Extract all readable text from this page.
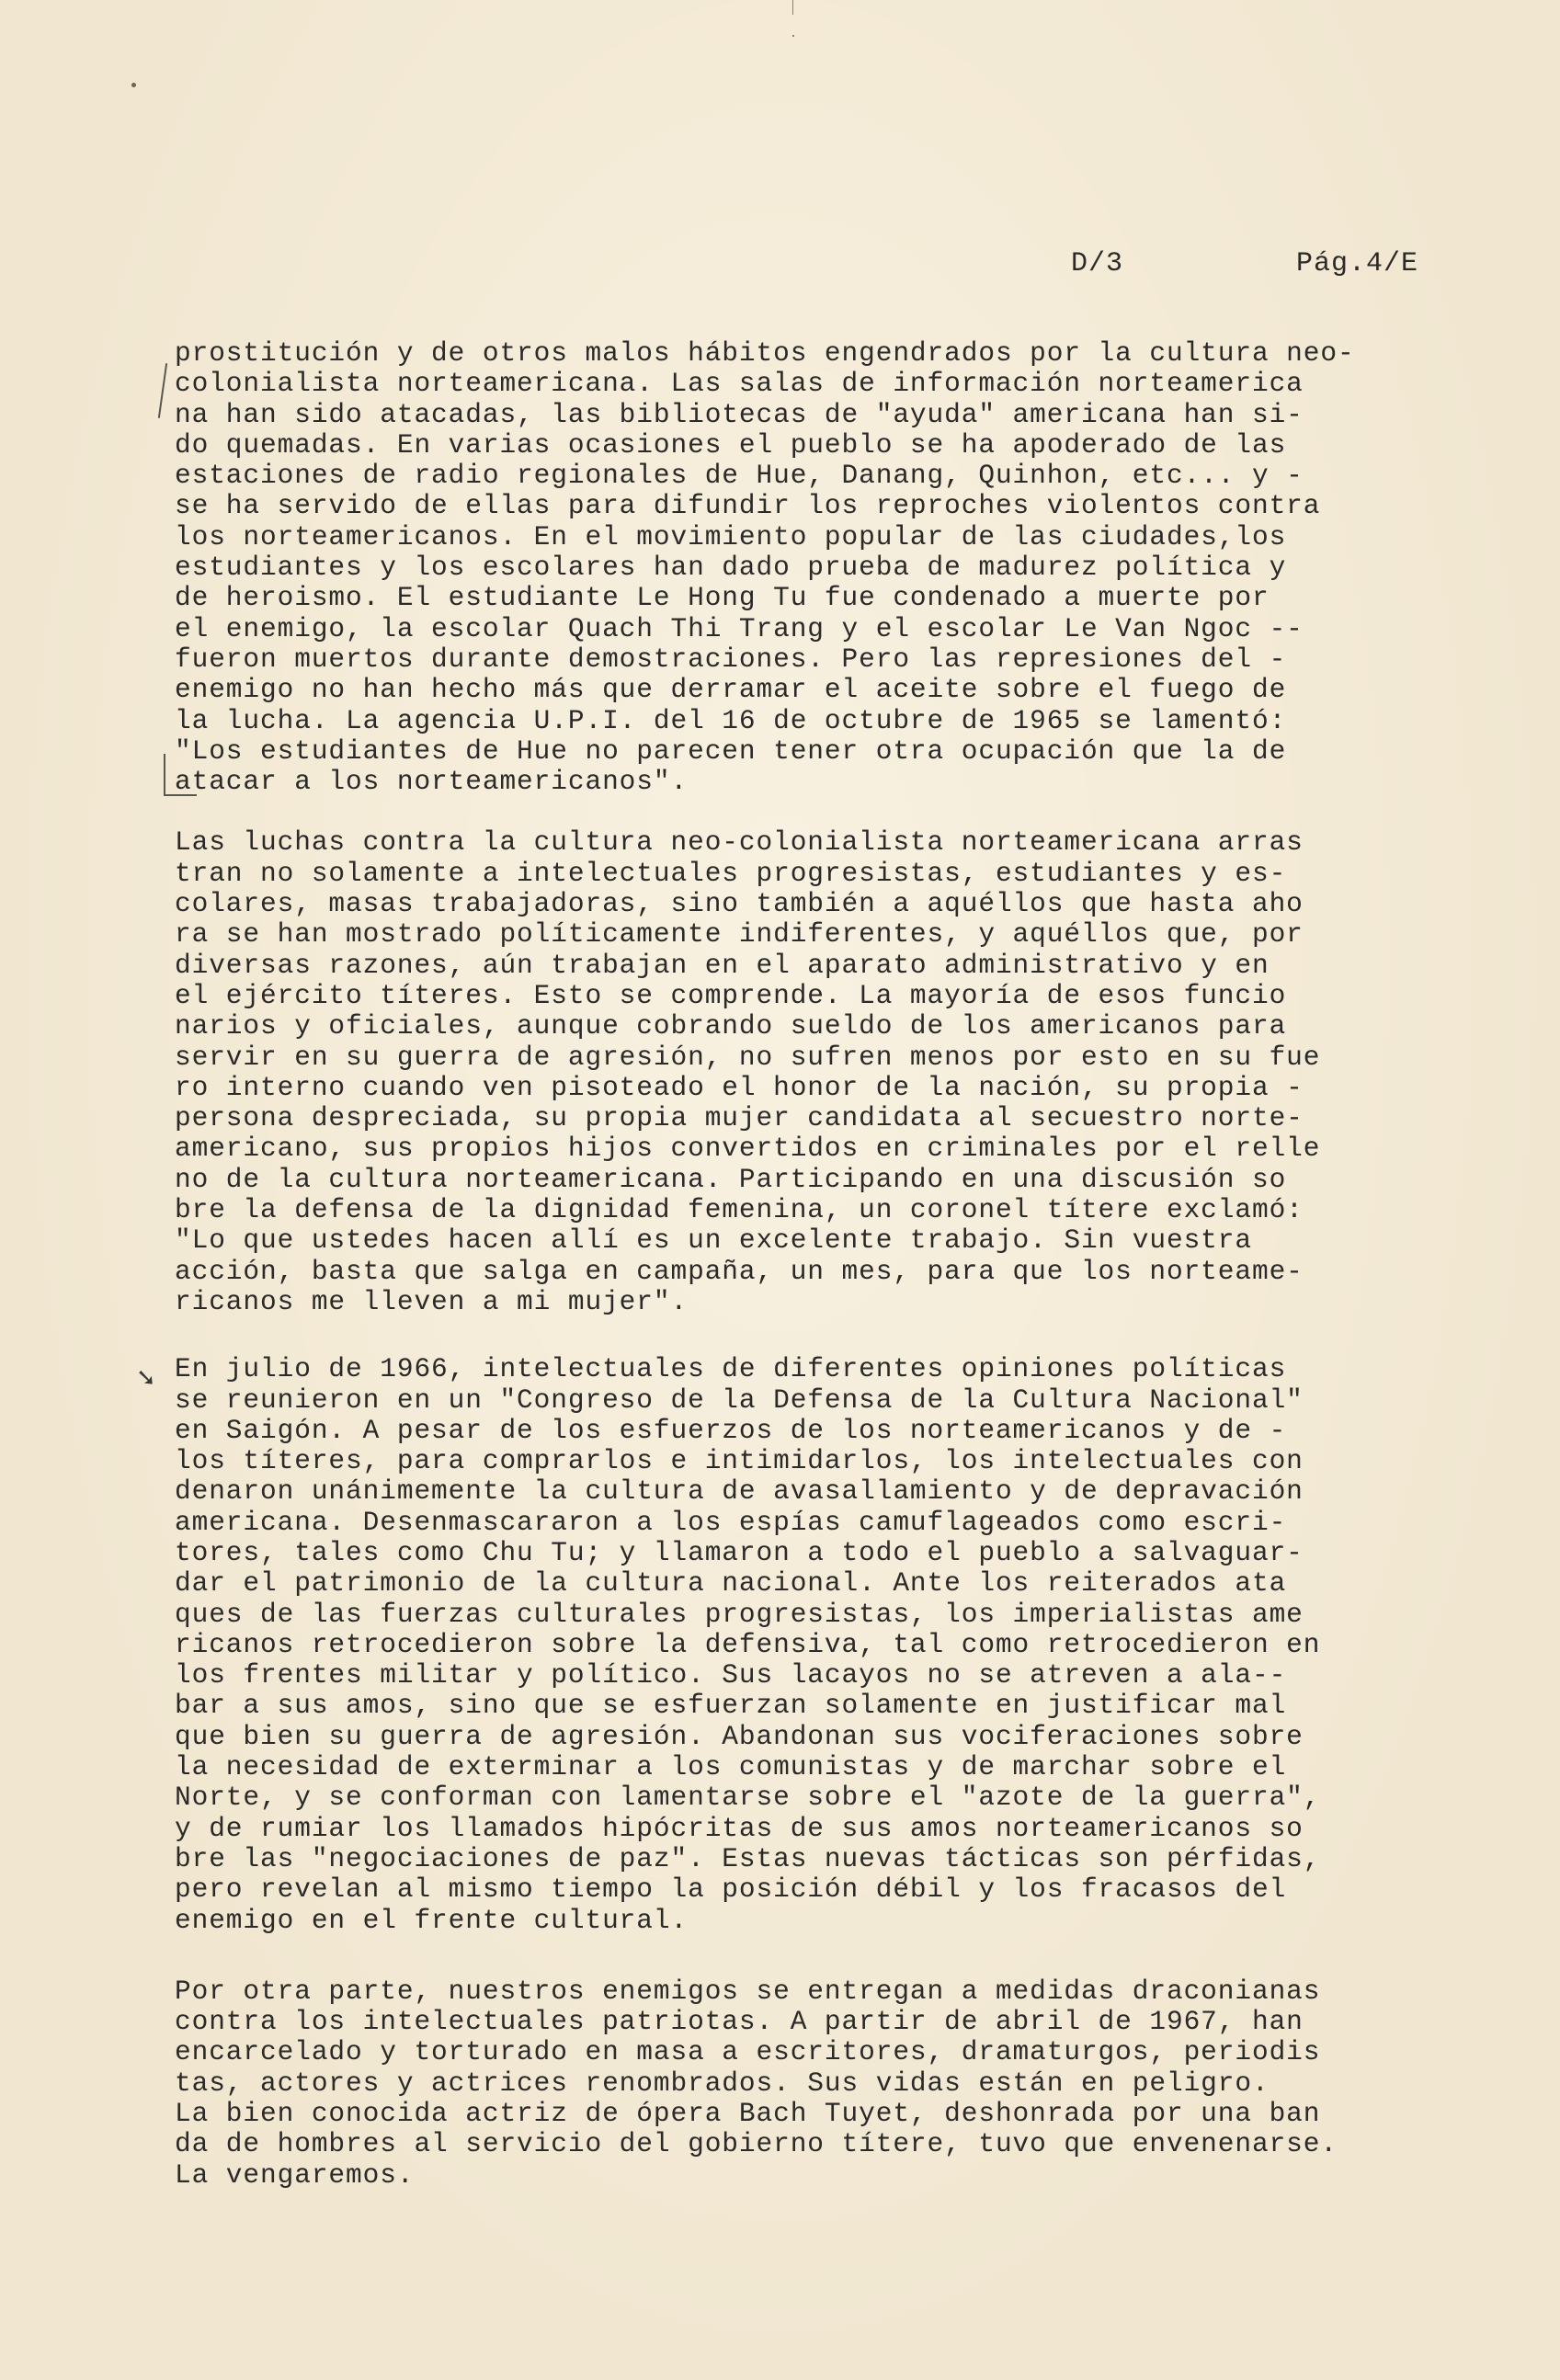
D/3	Pág.4/E
➘

prostitución y de otros malos hábitos engendrados por la cultura neo-
colonialista norteamericana. Las salas de información norteamerica
na han sido atacadas, las bibliotecas de "ayuda" americana han si-
do quemadas. En varias ocasiones el pueblo se ha apoderado de las
estaciones de radio regionales de Hue, Danang, Quinhon, etc... y -
se ha servido de ellas para difundir los reproches violentos contra
los norteamericanos. En el movimiento popular de las ciudades,los
estudiantes y los escolares han dado prueba de madurez política y
de heroismo. El estudiante Le Hong Tu fue condenado a muerte por
el enemigo, la escolar Quach Thi Trang y el escolar Le Van Ngoc --
fueron muertos durante demostraciones. Pero las represiones del -
enemigo no han hecho más que derramar el aceite sobre el fuego de
la lucha. La agencia U.P.I. del 16 de octubre de 1965 se lamentó:
"Los estudiantes de Hue no parecen tener otra ocupación que la de
atacar a los norteamericanos".

Las luchas contra la cultura neo-colonialista norteamericana arras
tran no solamente a intelectuales progresistas, estudiantes y es-
colares, masas trabajadoras, sino también a aquéllos que hasta aho
ra se han mostrado políticamente indiferentes, y aquéllos que, por
diversas razones, aún trabajan en el aparato administrativo y en
el ejército títeres. Esto se comprende. La mayoría de esos funcio
narios y oficiales, aunque cobrando sueldo de los americanos para
servir en su guerra de agresión, no sufren menos por esto en su fue
ro interno cuando ven pisoteado el honor de la nación, su propia -
persona despreciada, su propia mujer candidata al secuestro norte-
americano, sus propios hijos convertidos en criminales por el relle
no de la cultura norteamericana. Participando en una discusión so
bre la defensa de la dignidad femenina, un coronel títere exclamó:
"Lo que ustedes hacen allí es un excelente trabajo. Sin vuestra
acción, basta que salga en campaña, un mes, para que los norteame-
ricanos me lleven a mi mujer".

En julio de 1966, intelectuales de diferentes opiniones políticas
se reunieron en un "Congreso de la Defensa de la Cultura Nacional"
en Saigón. A pesar de los esfuerzos de los norteamericanos y de -
los títeres, para comprarlos e intimidarlos, los intelectuales con
denaron unánimemente la cultura de avasallamiento y de depravación
americana. Desenmascararon a los espías camuflageados como escri-
tores, tales como Chu Tu; y llamaron a todo el pueblo a salvaguar-
dar el patrimonio de la cultura nacional. Ante los reiterados ata
ques de las fuerzas culturales progresistas, los imperialistas ame
ricanos retrocedieron sobre la defensiva, tal como retrocedieron en
los frentes militar y político. Sus lacayos no se atreven a ala--
bar a sus amos, sino que se esfuerzan solamente en justificar mal
que bien su guerra de agresión. Abandonan sus vociferaciones sobre
la necesidad de exterminar a los comunistas y de marchar sobre el
Norte, y se conforman con lamentarse sobre el "azote de la guerra",
y de rumiar los llamados hipócritas de sus amos norteamericanos so
bre las "negociaciones de paz". Estas nuevas tácticas son pérfidas,
pero revelan al mismo tiempo la posición débil y los fracasos del
enemigo en el frente cultural.

Por otra parte, nuestros enemigos se entregan a medidas draconianas
contra los intelectuales patriotas. A partir de abril de 1967, han
encarcelado y torturado en masa a escritores, dramaturgos, periodis
tas, actores y actrices renombrados. Sus vidas están en peligro.
La bien conocida actriz de ópera Bach Tuyet, deshonrada por una ban
da de hombres al servicio del gobierno títere, tuvo que envenenarse.
La vengaremos.
